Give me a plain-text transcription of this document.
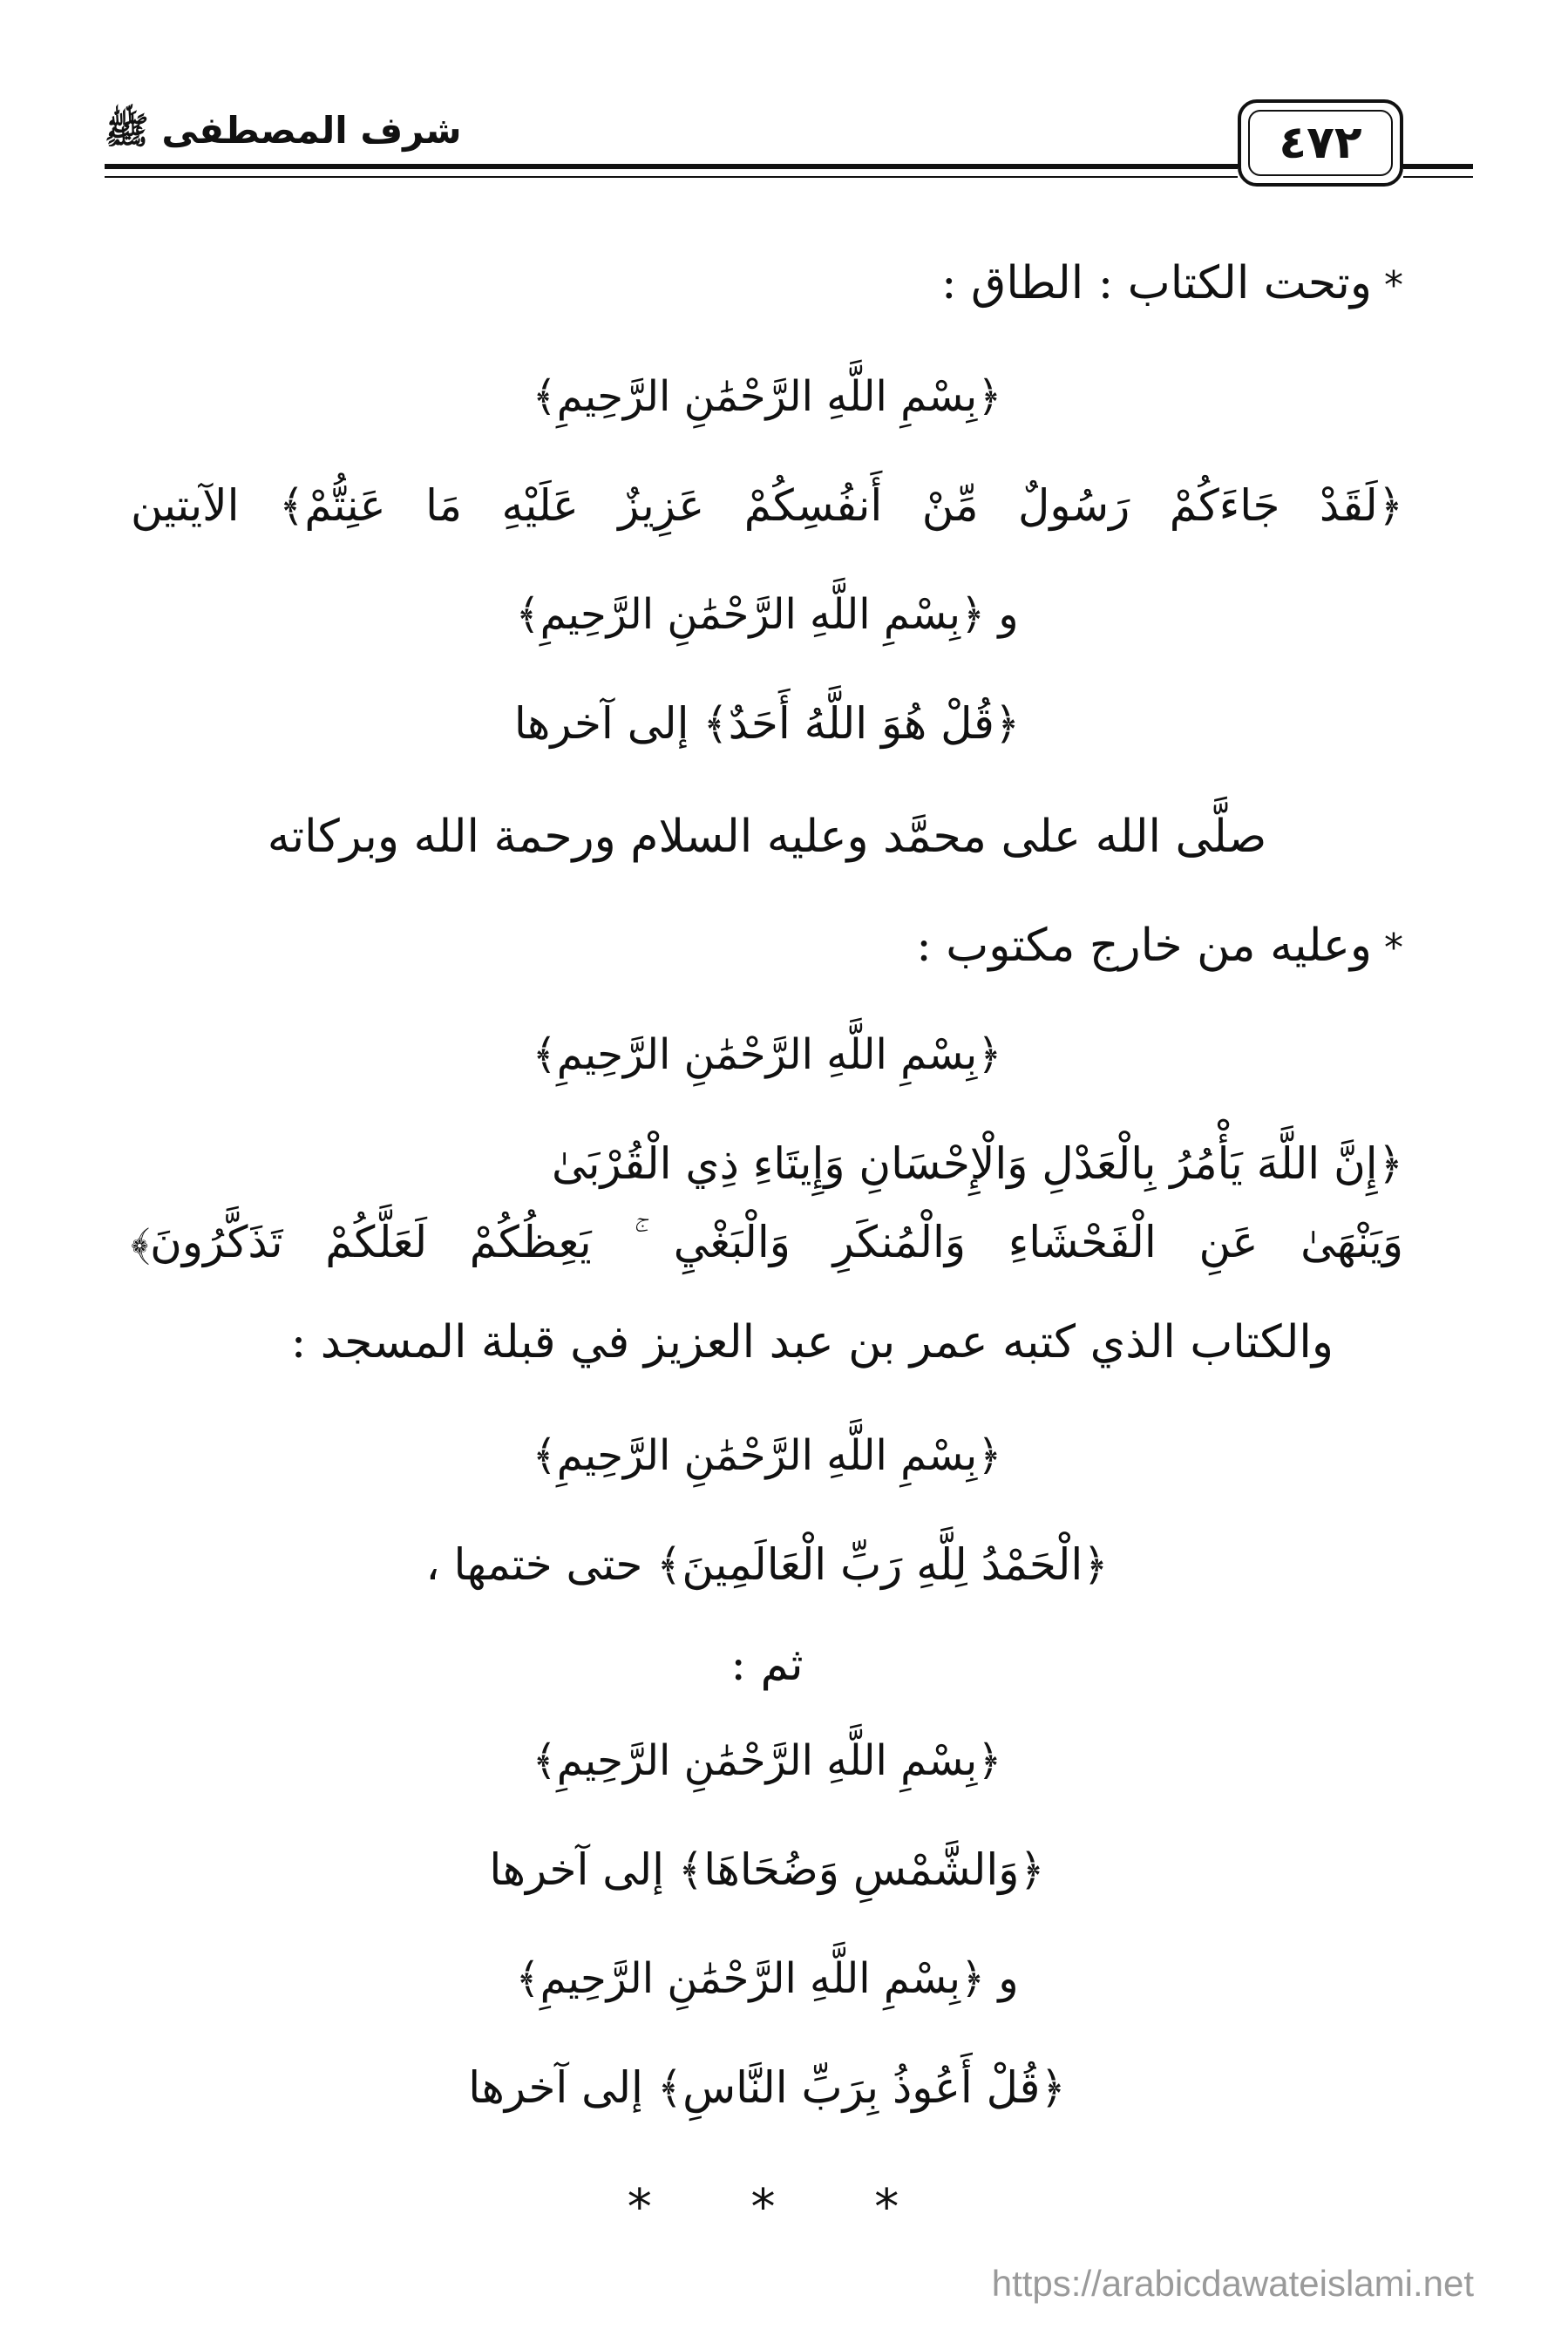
شرف المصطفى ﷺ	٤٧٢
*وتحت الكتاب : الطاق :
﴿بِسْمِ اللَّهِ الرَّحْمَٰنِ الرَّحِيمِ﴾
﴿لَقَدْ جَاءَكُمْ رَسُولٌ مِّنْ أَنفُسِكُمْ عَزِيزٌ عَلَيْهِ مَا عَنِتُّمْ﴾ الآيتين
و ﴿بِسْمِ اللَّهِ الرَّحْمَٰنِ الرَّحِيمِ﴾
﴿قُلْ هُوَ اللَّهُ أَحَدٌ﴾ إلى آخرها
صلَّى الله على محمَّد وعليه السلام ورحمة الله وبركاته
*وعليه من خارج مكتوب :
﴿بِسْمِ اللَّهِ الرَّحْمَٰنِ الرَّحِيمِ﴾
﴿إِنَّ اللَّهَ يَأْمُرُ بِالْعَدْلِ وَالْإِحْسَانِ وَإِيتَاءِ ذِي الْقُرْبَىٰ
وَيَنْهَىٰ عَنِ الْفَحْشَاءِ وَالْمُنكَرِ وَالْبَغْيِ ۚ يَعِظُكُمْ لَعَلَّكُمْ تَذَكَّرُونَ﴾
والكتاب الذي كتبه عمر بن عبد العزيز في قبلة المسجد :
﴿بِسْمِ اللَّهِ الرَّحْمَٰنِ الرَّحِيمِ﴾
﴿الْحَمْدُ لِلَّهِ رَبِّ الْعَالَمِينَ﴾ حتى ختمها ،
ثم :
﴿بِسْمِ اللَّهِ الرَّحْمَٰنِ الرَّحِيمِ﴾
﴿وَالشَّمْسِ وَضُحَاهَا﴾ إلى آخرها
و ﴿بِسْمِ اللَّهِ الرَّحْمَٰنِ الرَّحِيمِ﴾
﴿قُلْ أَعُوذُ بِرَبِّ النَّاسِ﴾ إلى آخرها
* * *
https://arabicdawateislami.net
